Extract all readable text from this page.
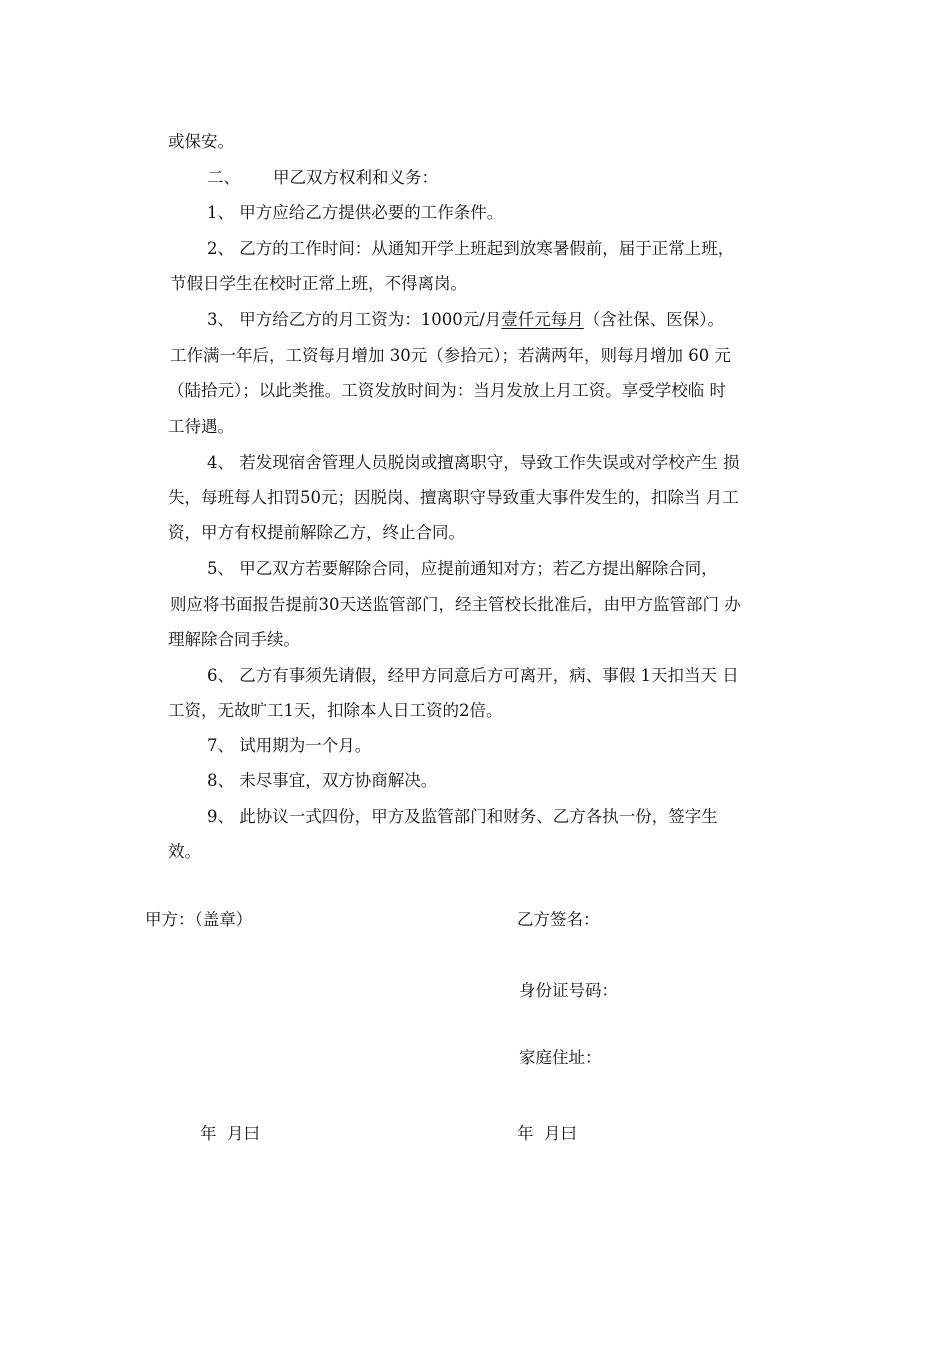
或保安。
二、 甲乙双方权利和义务：
1、 甲方应给乙方提供必要的工作条件。
2、 乙方的工作时间：从通知开学上班起到放寒暑假前，届于正常上班，
节假日学生在校时正常上班，不得离岗。
3、 甲方给乙方的月工资为：1000元/月壹仟元每月（含社保、医保）。
工作满一年后，工资每月增加 30元（参拾元）；若满两年，则每月增加 60 元
（陆拾元）；以此类推。工资发放时间为：当月发放上月工资。享受学校临 时
工待遇。
4、 若发现宿舍管理人员脱岗或擅离职守，导致工作失误或对学校产生 损
失，每班每人扣罚50元；因脱岗、擅离职守导致重大事件发生的，扣除当 月工
资，甲方有权提前解除乙方，终止合同。
5、 甲乙双方若要解除合同，应提前通知对方；若乙方提出解除合同，
则应将书面报告提前30天送监管部门，经主管校长批准后，由甲方监管部门 办
理解除合同手续。
6、 乙方有事须先请假，经甲方同意后方可离开，病、事假 1天扣当天 日
工资，无故旷工1天，扣除本人日工资的2倍。
7、 试用期为一个月。
8、 未尽事宜，双方协商解决。
9、 此协议一式四份，甲方及监管部门和财务、乙方各执一份，签字生
效。
甲方：（盖章）	乙方签名：
身份证号码：
家庭住址：
年  月曰	年  月曰
